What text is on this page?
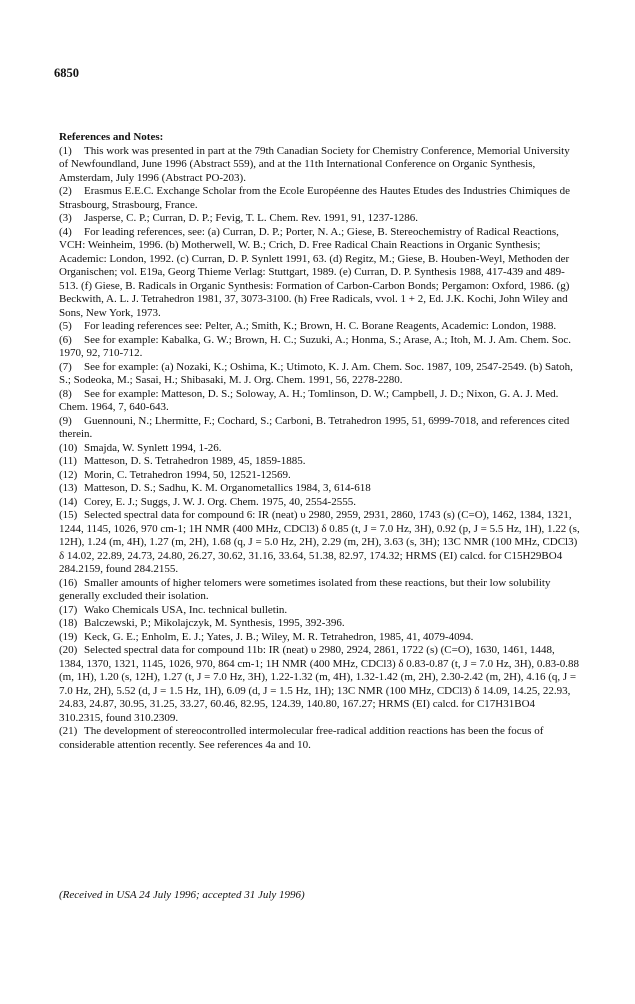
6850

References and Notes:

(1) This work was presented in part at the 79th Canadian Society for Chemistry Conference, Memorial University of Newfoundland, June 1996 (Abstract 559), and at the 11th International Conference on Organic Synthesis, Amsterdam, July 1996 (Abstract PO-203).

(2) Erasmus E.E.C. Exchange Scholar from the Ecole Européenne des Hautes Etudes des Industries Chimiques de Strasbourg, Strasbourg, France.

(3) Jasperse, C. P.; Curran, D. P.; Fevig, T. L. Chem. Rev. 1991, 91, 1237-1286.

(4) For leading references, see: (a) Curran, D. P.; Porter, N. A.; Giese, B. Stereochemistry of Radical Reactions, VCH: Weinheim, 1996. (b) Motherwell, W. B.; Crich, D. Free Radical Chain Reactions in Organic Synthesis; Academic: London, 1992. (c) Curran, D. P. Synlett 1991, 63. (d) Regitz, M.; Giese, B. Houben-Weyl, Methoden der Organischen; vol. E19a, Georg Thieme Verlag: Stuttgart, 1989. (e) Curran, D. P. Synthesis 1988, 417-439 and 489-513. (f) Giese, B. Radicals in Organic Synthesis: Formation of Carbon-Carbon Bonds; Pergamon: Oxford, 1986. (g) Beckwith, A. L. J. Tetrahedron 1981, 37, 3073-3100. (h) Free Radicals, vvol. 1 + 2, Ed. J.K. Kochi, John Wiley and Sons, New York, 1973.

(5) For leading references see: Pelter, A.; Smith, K.; Brown, H. C. Borane Reagents, Academic: London, 1988.

(6) See for example: Kabalka, G. W.; Brown, H. C.; Suzuki, A.; Honma, S.; Arase, A.; Itoh, M. J. Am. Chem. Soc. 1970, 92, 710-712.

(7) See for example: (a) Nozaki, K.; Oshima, K.; Utimoto, K. J. Am. Chem. Soc. 1987, 109, 2547-2549. (b) Satoh, S.; Sodeoka, M.; Sasai, H.; Shibasaki, M. J. Org. Chem. 1991, 56, 2278-2280.

(8) See for example: Matteson, D. S.; Soloway, A. H.; Tomlinson, D. W.; Campbell, J. D.; Nixon, G. A. J. Med. Chem. 1964, 7, 640-643.

(9) Guennouni, N.; Lhermitte, F.; Cochard, S.; Carboni, B. Tetrahedron 1995, 51, 6999-7018, and references cited therein.

(10) Smajda, W. Synlett 1994, 1-26.

(11) Matteson, D. S. Tetrahedron 1989, 45, 1859-1885.

(12) Morin, C. Tetrahedron 1994, 50, 12521-12569.

(13) Matteson, D. S.; Sadhu, K. M. Organometallics 1984, 3, 614-618

(14) Corey, E. J.; Suggs, J. W. J. Org. Chem. 1975, 40, 2554-2555.

(15) Selected spectral data for compound 6: IR (neat) υ 2980, 2959, 2931, 2860, 1743 (s) (C=O), 1462, 1384, 1321, 1244, 1145, 1026, 970 cm-1; 1H NMR (400 MHz, CDCl3) δ 0.85 (t, J = 7.0 Hz, 3H), 0.92 (p, J = 5.5 Hz, 1H), 1.22 (s, 12H), 1.24 (m, 4H), 1.27 (m, 2H), 1.68 (q, J = 5.0 Hz, 2H), 2.29 (m, 2H), 3.63 (s, 3H); 13C NMR (100 MHz, CDCl3) δ 14.02, 22.89, 24.73, 24.80, 26.27, 30.62, 31.16, 33.64, 51.38, 82.97, 174.32; HRMS (EI) calcd. for C15H29BO4 284.2159, found 284.2155.

(16) Smaller amounts of higher telomers were sometimes isolated from these reactions, but their low solubility generally excluded their isolation.

(17) Wako Chemicals USA, Inc. technical bulletin.

(18) Balczewski, P.; Mikolajczyk, M. Synthesis, 1995, 392-396.

(19) Keck, G. E.; Enholm, E. J.; Yates, J. B.; Wiley, M. R. Tetrahedron, 1985, 41, 4079-4094.

(20) Selected spectral data for compound 11b: IR (neat) υ 2980, 2924, 2861, 1722 (s) (C=O), 1630, 1461, 1448, 1384, 1370, 1321, 1145, 1026, 970, 864 cm-1; 1H NMR (400 MHz, CDCl3) δ 0.83-0.87 (t, J = 7.0 Hz, 3H), 0.83-0.88 (m, 1H), 1.20 (s, 12H), 1.27 (t, J = 7.0 Hz, 3H), 1.22-1.32 (m, 4H), 1.32-1.42 (m, 2H), 2.30-2.42 (m, 2H), 4.16 (q, J = 7.0 Hz, 2H), 5.52 (d, J = 1.5 Hz, 1H), 6.09 (d, J = 1.5 Hz, 1H); 13C NMR (100 MHz, CDCl3) δ 14.09, 14.25, 22.93, 24.83, 24.87, 30.95, 31.25, 33.27, 60.46, 82.95, 124.39, 140.80, 167.27; HRMS (EI) calcd. for C17H31BO4 310.2315, found 310.2309.

(21) The development of stereocontrolled intermolecular free-radical addition reactions has been the focus of considerable attention recently. See references 4a and 10.

(Received in USA 24 July 1996; accepted 31 July 1996)
